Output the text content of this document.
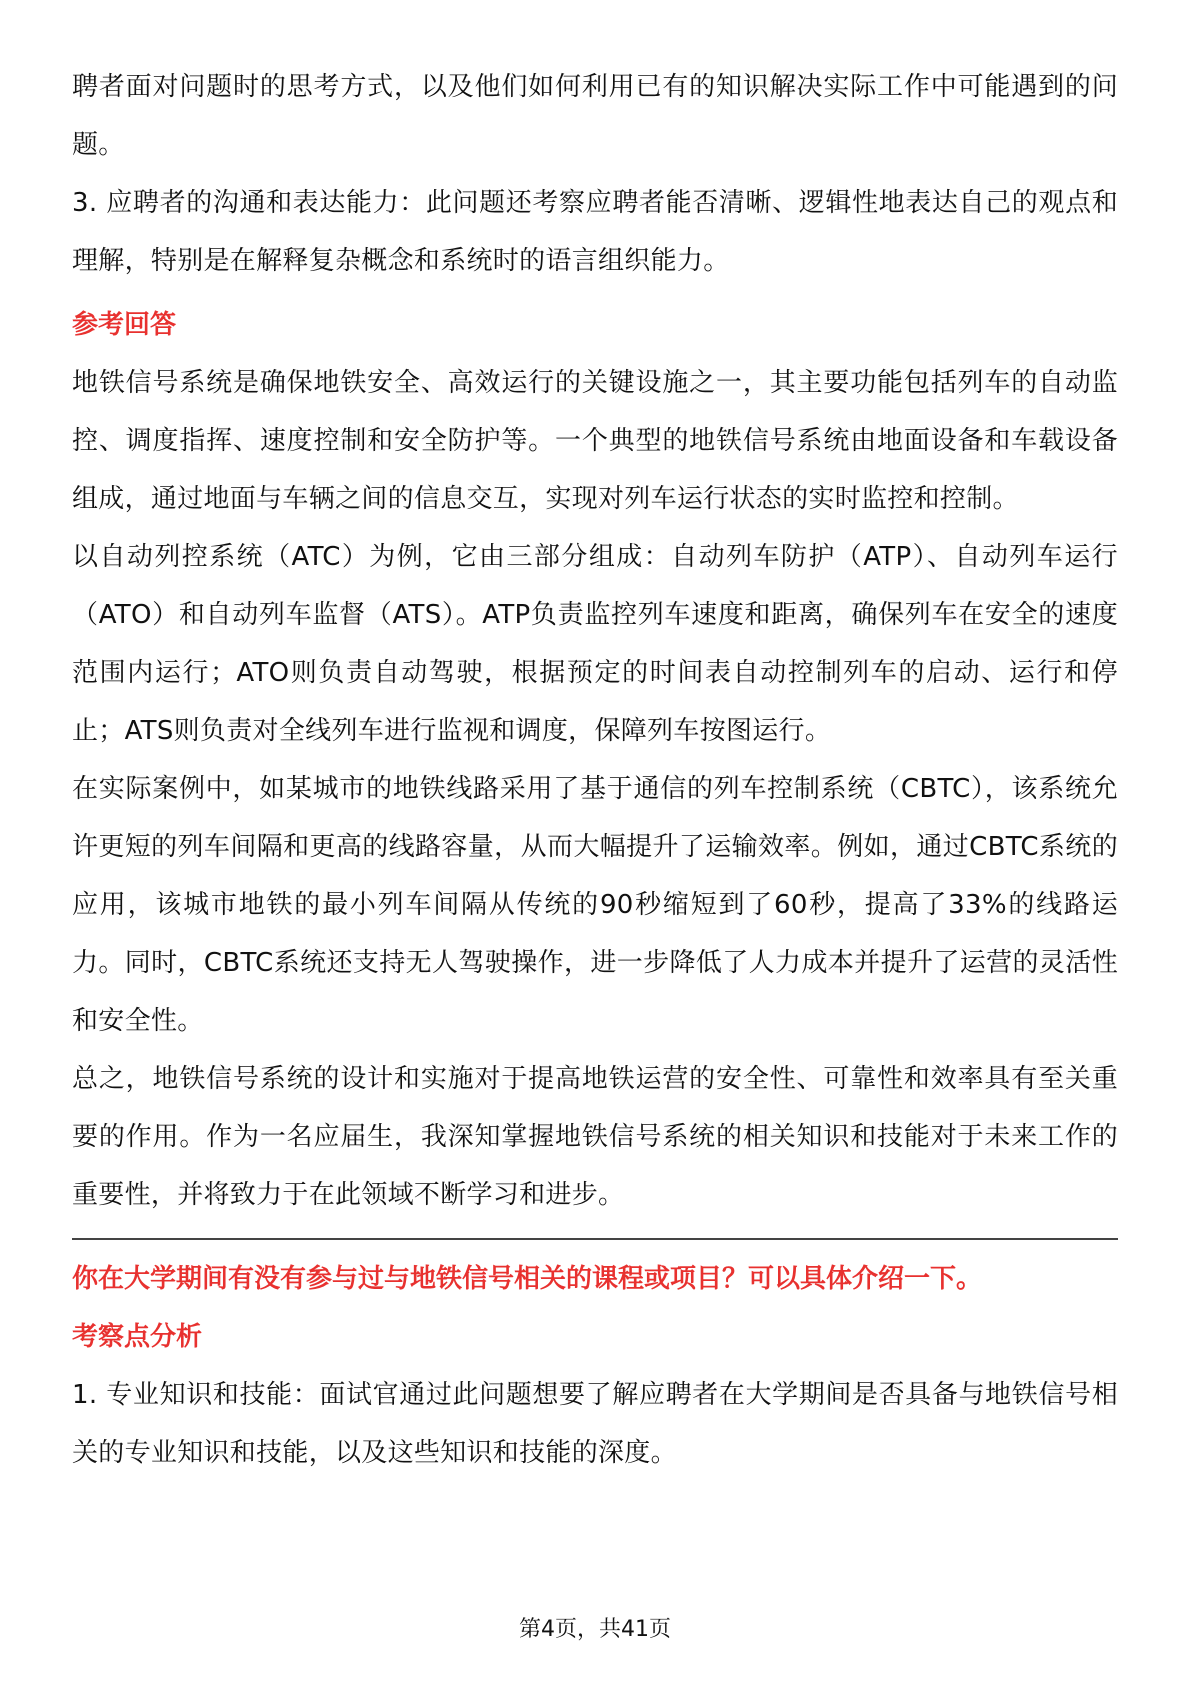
聘者面对问题时的思考方式，以及他们如何利用已有的知识解决实际工作中可能遇到的问题。

3. 应聘者的沟通和表达能力：此问题还考察应聘者能否清晰、逻辑性地表达自己的观点和理解，特别是在解释复杂概念和系统时的语言组织能力。

参考回答

地铁信号系统是确保地铁安全、高效运行的关键设施之一，其主要功能包括列车的自动监控、调度指挥、速度控制和安全防护等。一个典型的地铁信号系统由地面设备和车载设备组成，通过地面与车辆之间的信息交互，实现对列车运行状态的实时监控和控制。

以自动列控系统（ATC）为例，它由三部分组成：自动列车防护（ATP）、自动列车运行（ATO）和自动列车监督（ATS）。ATP负责监控列车速度和距离，确保列车在安全的速度范围内运行；ATO则负责自动驾驶，根据预定的时间表自动控制列车的启动、运行和停止；ATS则负责对全线列车进行监视和调度，保障列车按图运行。

在实际案例中，如某城市的地铁线路采用了基于通信的列车控制系统（CBTC），该系统允许更短的列车间隔和更高的线路容量，从而大幅提升了运输效率。例如，通过CBTC系统的应用，该城市地铁的最小列车间隔从传统的90秒缩短到了60秒，提高了33%的线路运力。同时，CBTC系统还支持无人驾驶操作，进一步降低了人力成本并提升了运营的灵活性和安全性。

总之，地铁信号系统的设计和实施对于提高地铁运营的安全性、可靠性和效率具有至关重要的作用。作为一名应届生，我深知掌握地铁信号系统的相关知识和技能对于未来工作的重要性，并将致力于在此领域不断学习和进步。

你在大学期间有没有参与过与地铁信号相关的课程或项目？可以具体介绍一下。

考察点分析

1. 专业知识和技能：面试官通过此问题想要了解应聘者在大学期间是否具备与地铁信号相关的专业知识和技能，以及这些知识和技能的深度。

第4页，共41页
